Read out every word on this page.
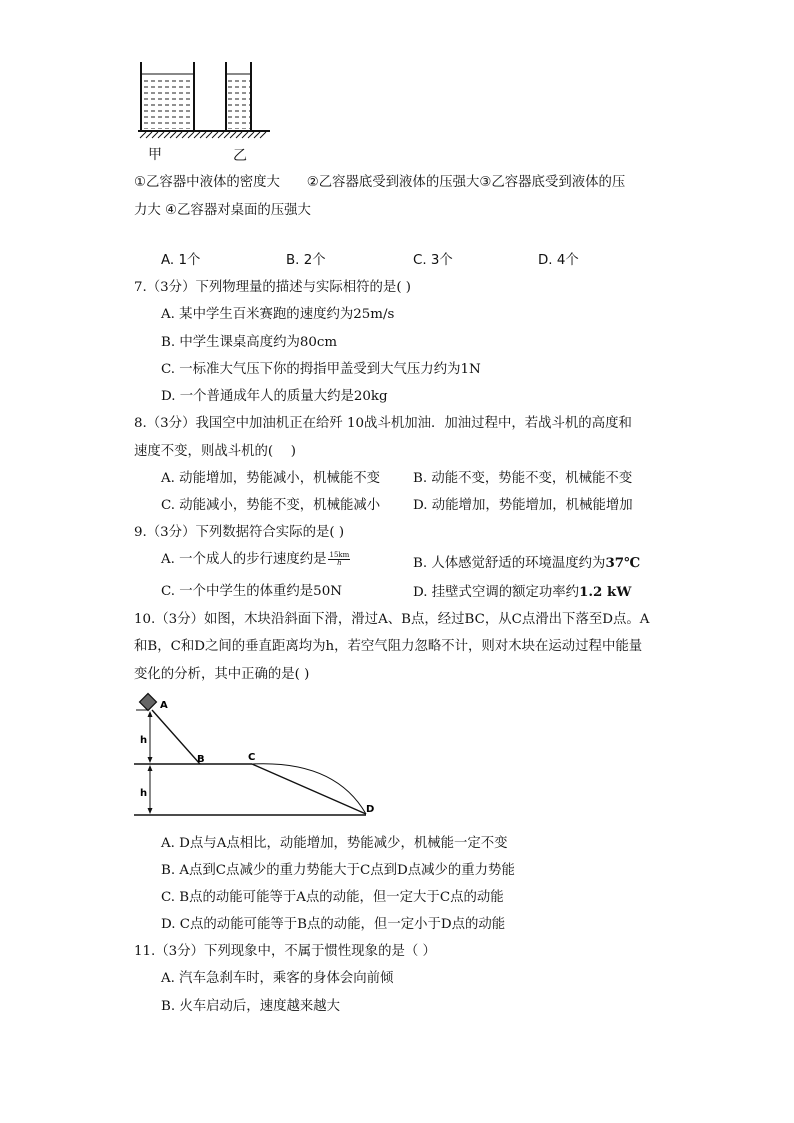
甲	乙
①乙容器中液体的密度大　　②乙容器底受到液体的压强大③乙容器底受到液体的压
力大 ④乙容器对桌面的压强大
A. 1个	B. 2个	C. 3个	D. 4个
7.（3分）下列物理量的描述与实际相符的是( )
A. 某中学生百米赛跑的速度约为25m/s
B. 中学生课桌高度约为80cm
C. 一标准大气压下你的拇指甲盖受到大气压力约为1N
D. 一个普通成年人的质量大约是20kg
8.（3分）我国空中加油机正在给歼 10战斗机加油．加油过程中，若战斗机的高度和
速度不变，则战斗机的(　 )
A. 动能增加，势能减小，机械能不变 B. 动能不变，势能不变，机械能不变
C. 动能减小，势能不变，机械能减小 D. 动能增加，势能增加，机械能增加
9.（3分）下列数据符合实际的是( )
A. 一个成人的步行速度约是 $\frac{15km}{h}$	B. 人体感觉舒适的环境温度约为37℃
C. 一个中学生的体重约是50N	D. 挂壁式空调的额定功率约1.2 kW
10.（3分）如图，木块沿斜面下滑，滑过A、B点，经过BC，从C点滑出下落至D点。A
和B，C和D之间的垂直距离均为h，若空气阻力忽略不计，则对木块在运动过程中能量
变化的分析，其中正确的是( )
A
B	C
D
h
h
A. D点与A点相比，动能增加，势能减少，机械能一定不变
B. A点到C点减少的重力势能大于C点到D点减少的重力势能
C. B点的动能可能等于A点的动能，但一定大于C点的动能
D. C点的动能可能等于B点的动能，但一定小于D点的动能
11.（3分）下列现象中，不属于惯性现象的是（ ）
A. 汽车急刹车时，乘客的身体会向前倾
B. 火车启动后，速度越来越大
